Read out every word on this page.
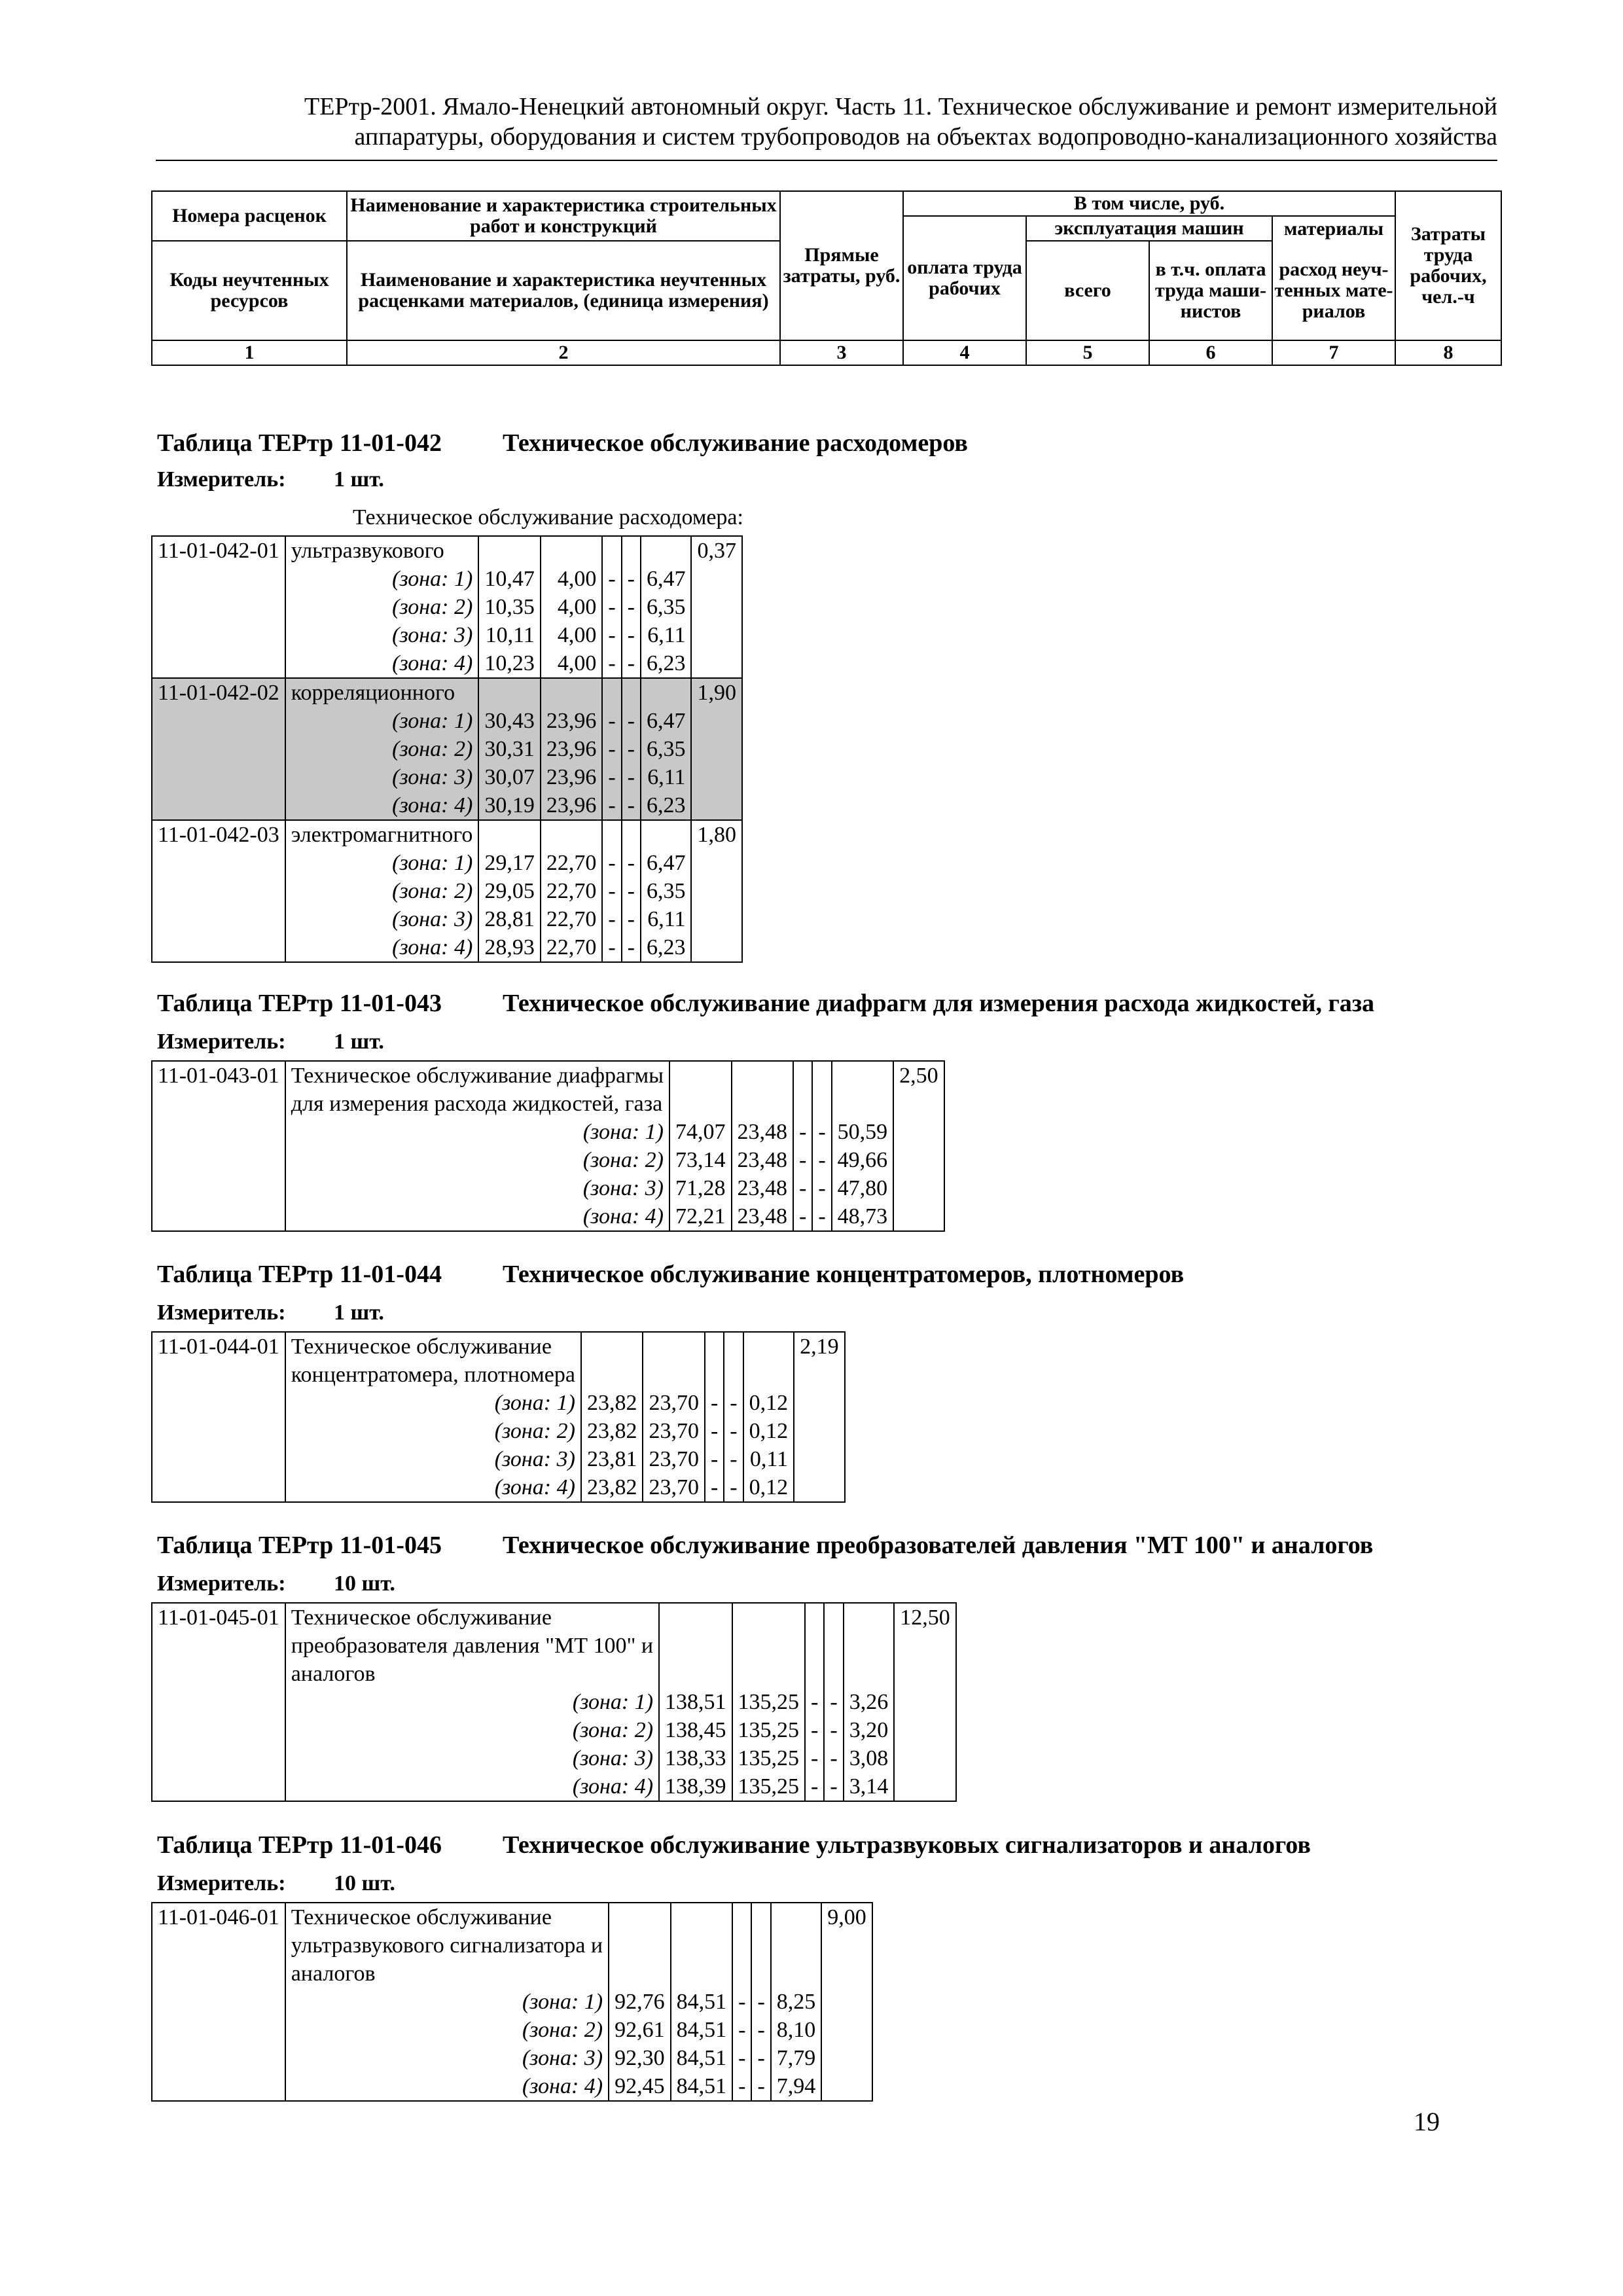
ТЕРтр-2001. Ямало-Ненецкий автономный округ. Часть 11. Техническое обслуживание и ремонт измерительной
аппаратуры, оборудования и систем трубопроводов на объектах водопроводно-канализационного хозяйства
Номера расценок	Наименование и характеристика строительных работ и конструкций	Прямые затраты, руб.	В том числе, руб.				Затраты труда рабочих, чел.-ч
			оплата труда рабочих	эксплуатация машин		материалы	
Коды неучтенных ресурсов	Наименование и характеристика неучтенных расценками материалов, (единица измерения)			всего	в т.ч. оплата труда маши-нистов	расход неуч-тенных мате-риалов	

1	2	3	4	5	6	7	8
Таблица ТЕРтр 11-01-042 Техническое обслуживание расходомеров
Измеритель: 1 шт.
Техническое обслуживание расходомера:
11-01-042-01	ультразвукового						0,37
	(зона: 1)	10,47	4,00	-	-	6,47	
	(зона: 2)	10,35	4,00	-	-	6,35	
	(зона: 3)	10,11	4,00	-	-	6,11	
	(зона: 4)	10,23	4,00	-	-	6,23	
11-01-042-02	корреляционного						1,90
	(зона: 1)	30,43	23,96	-	-	6,47	
	(зона: 2)	30,31	23,96	-	-	6,35	
	(зона: 3)	30,07	23,96	-	-	6,11	
	(зона: 4)	30,19	23,96	-	-	6,23	
11-01-042-03	электромагнитного						1,80
	(зона: 1)	29,17	22,70	-	-	6,47	
	(зона: 2)	29,05	22,70	-	-	6,35	
	(зона: 3)	28,81	22,70	-	-	6,11	
	(зона: 4)	28,93	22,70	-	-	6,23	
Таблица ТЕРтр 11-01-043 Техническое обслуживание диафрагм для измерения расхода жидкостей, газа
Измеритель: 1 шт.
11-01-043-01	Техническое обслуживание диафрагмы						2,50
	для измерения расхода жидкостей, газа						
	(зона: 1)	74,07	23,48	-	-	50,59	
	(зона: 2)	73,14	23,48	-	-	49,66	
	(зона: 3)	71,28	23,48	-	-	47,80	
	(зона: 4)	72,21	23,48	-	-	48,73	
Таблица ТЕРтр 11-01-044 Техническое обслуживание концентратомеров, плотномеров
Измеритель: 1 шт.
11-01-044-01	Техническое обслуживание						2,19
	концентратомера, плотномера						
	(зона: 1)	23,82	23,70	-	-	0,12	
	(зона: 2)	23,82	23,70	-	-	0,12	
	(зона: 3)	23,81	23,70	-	-	0,11	
	(зона: 4)	23,82	23,70	-	-	0,12	
Таблица ТЕРтр 11-01-045 Техническое обслуживание преобразователей давления "МТ 100" и аналогов
Измеритель: 10 шт.
11-01-045-01	Техническое обслуживание						12,50
	преобразователя давления "МТ 100" и						
	аналогов						
	(зона: 1)	138,51	135,25	-	-	3,26	
	(зона: 2)	138,45	135,25	-	-	3,20	
	(зона: 3)	138,33	135,25	-	-	3,08	
	(зона: 4)	138,39	135,25	-	-	3,14	
Таблица ТЕРтр 11-01-046 Техническое обслуживание ультразвуковых сигнализаторов и аналогов
Измеритель: 10 шт.
11-01-046-01	Техническое обслуживание						9,00
	ультразвукового сигнализатора и						
	аналогов						
	(зона: 1)	92,76	84,51	-	-	8,25	
	(зона: 2)	92,61	84,51	-	-	8,10	
	(зона: 3)	92,30	84,51	-	-	7,79	
	(зона: 4)	92,45	84,51	-	-	7,94	
19
